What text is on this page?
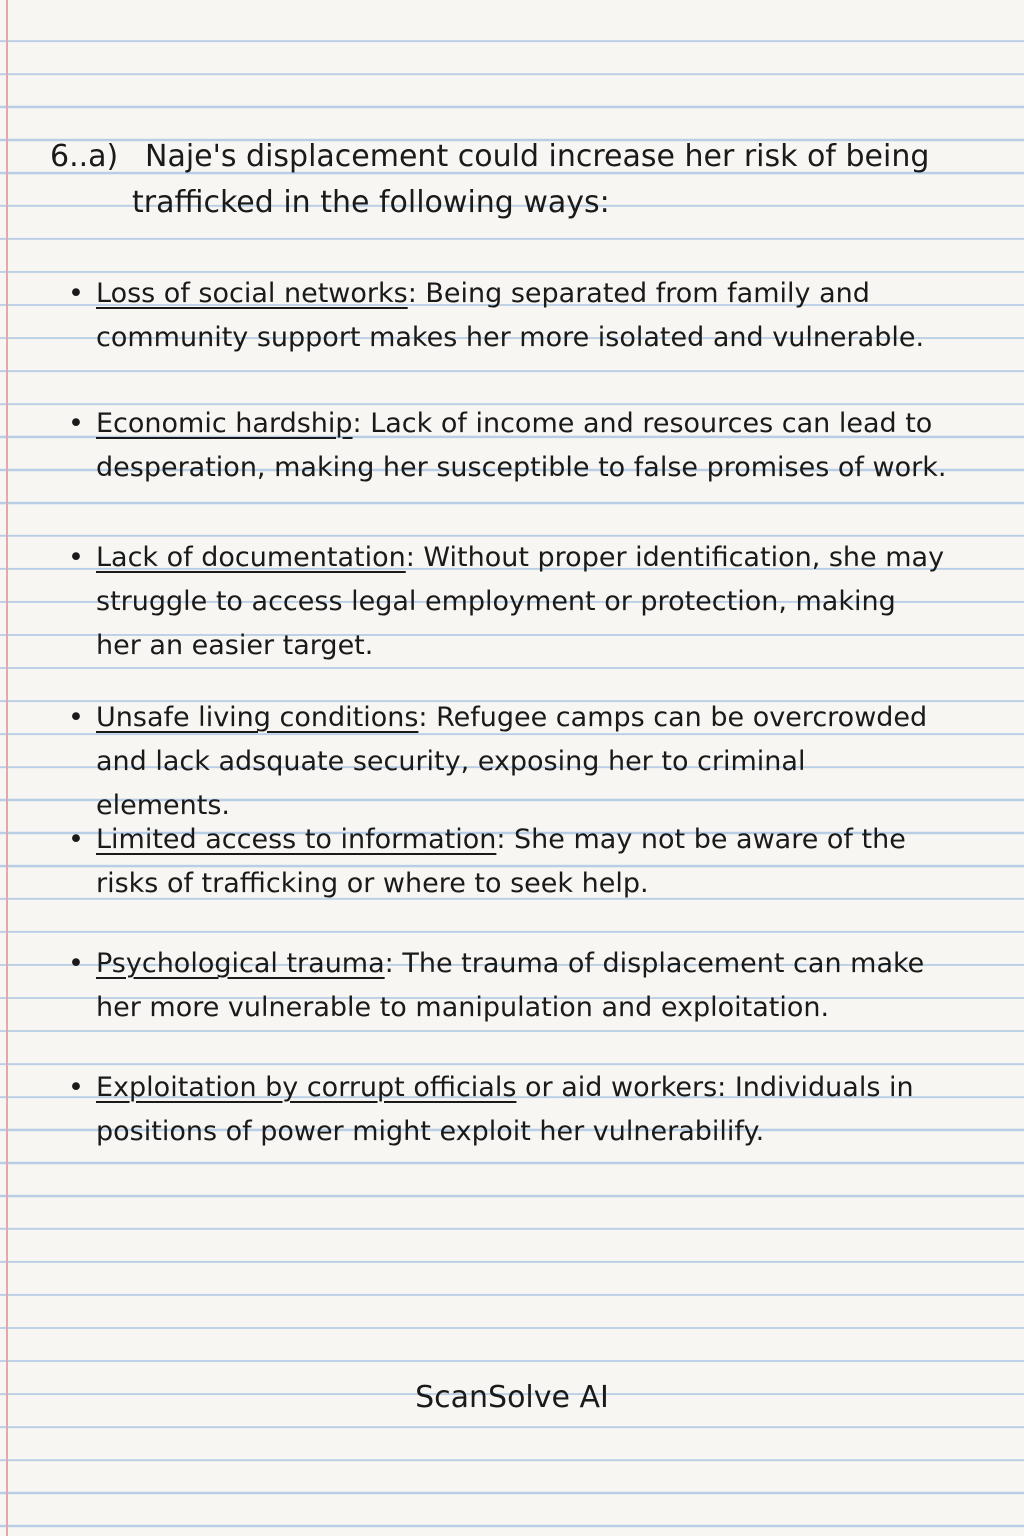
6..a) Naje's displacement could increase her risk of being
trafficked in the following ways:
• Loss of social networks: Being separated from family and community support makes her more isolated and vulnerable.
• Economic hardship: Lack of income and resources can lead to desperation, making her susceptible to false promises of work.
• Lack of documentation: Without proper identification, she may struggle to access legal employment or protection, making her an easier target.
• Unsafe living conditions: Refugee camps can be overcrowded and lack adsquate security, exposing her to criminal elements.
• Limited access to information: She may not be aware of the risks of trafficking or where to seek help.
• Psychological trauma: The trauma of displacement can make her more vulnerable to manipulation and exploitation.
• Exploitation by corrupt officials or aid workers: Individuals in positions of power might exploit her vulnerabilify.
ScanSolve AI
